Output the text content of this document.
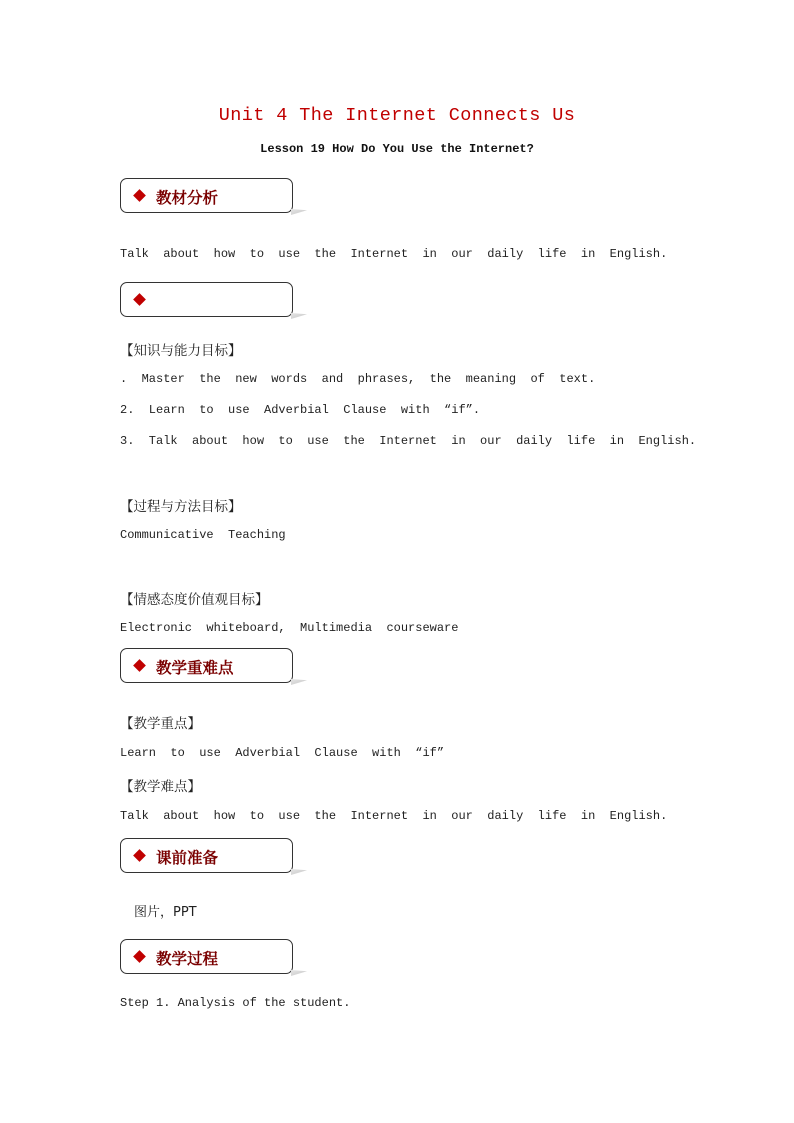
Unit 4 The Internet Connects Us
Lesson 19 How Do You Use the Internet?
教材分析
Talk  about  how  to  use  the  Internet  in  our  daily  life  in  English.
【知识与能力目标】
.  Master  the  new  words  and  phrases,  the  meaning  of  text.
2.  Learn  to  use  Adverbial  Clause  with  “if”.
3.  Talk  about  how  to  use  the  Internet  in  our  daily  life  in  English.
【过程与方法目标】
Communicative  Teaching
【情感态度价值观目标】
Electronic  whiteboard,  Multimedia  courseware
教学重难点
【教学重点】
Learn  to  use  Adverbial  Clause  with  “if”
【教学难点】
Talk  about  how  to  use  the  Internet  in  our  daily  life  in  English.
课前准备
图片，PPT
教学过程
Step 1. Analysis of the student.
